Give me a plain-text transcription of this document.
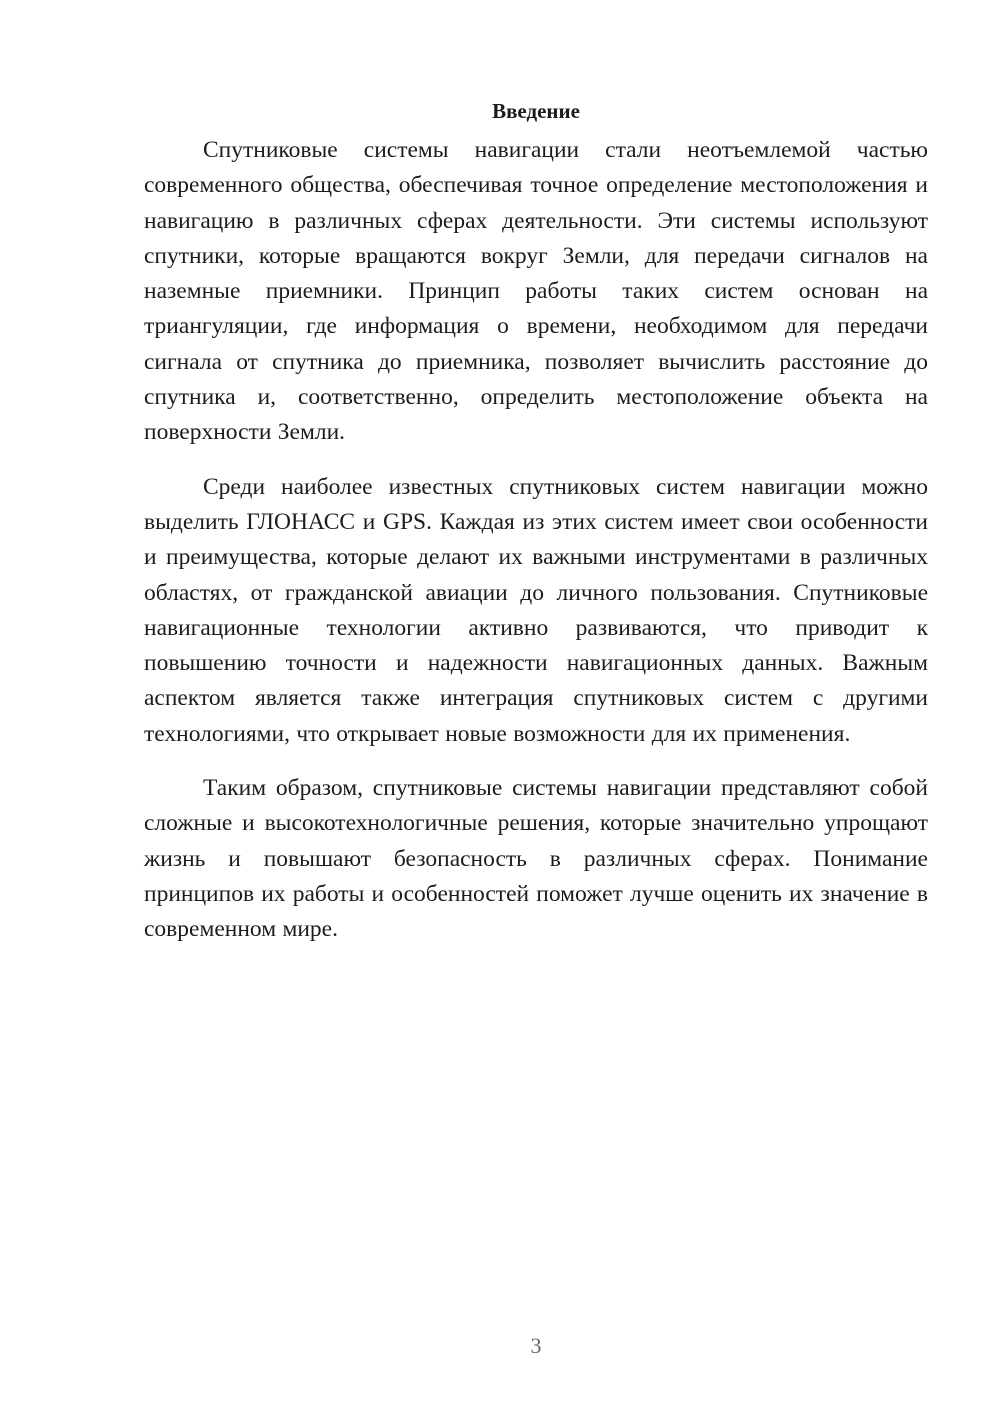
Введение

Спутниковые системы навигации стали неотъемлемой частью современного общества, обеспечивая точное определение местоположения и навигацию в различных сферах деятельности. Эти системы используют спутники, которые вращаются вокруг Земли, для передачи сигналов на наземные приемники. Принцип работы таких систем основан на триангуляции, где информация о времени, необходимом для передачи сигнала от спутника до приемника, позволяет вычислить расстояние до спутника и, соответственно, определить местоположение объекта на поверхности Земли.

Среди наиболее известных спутниковых систем навигации можно выделить ГЛОНАСС и GPS. Каждая из этих систем имеет свои особенности и преимущества, которые делают их важными инструментами в различных областях, от гражданской авиации до личного пользования. Спутниковые навигационные технологии активно развиваются, что приводит к повышению точности и надежности навигационных данных. Важным аспектом является также интеграция спутниковых систем с другими технологиями, что открывает новые возможности для их применения.

Таким образом, спутниковые системы навигации представляют собой сложные и высокотехнологичные решения, которые значительно упрощают жизнь и повышают безопасность в различных сферах. Понимание принципов их работы и особенностей поможет лучше оценить их значение в современном мире.

3
